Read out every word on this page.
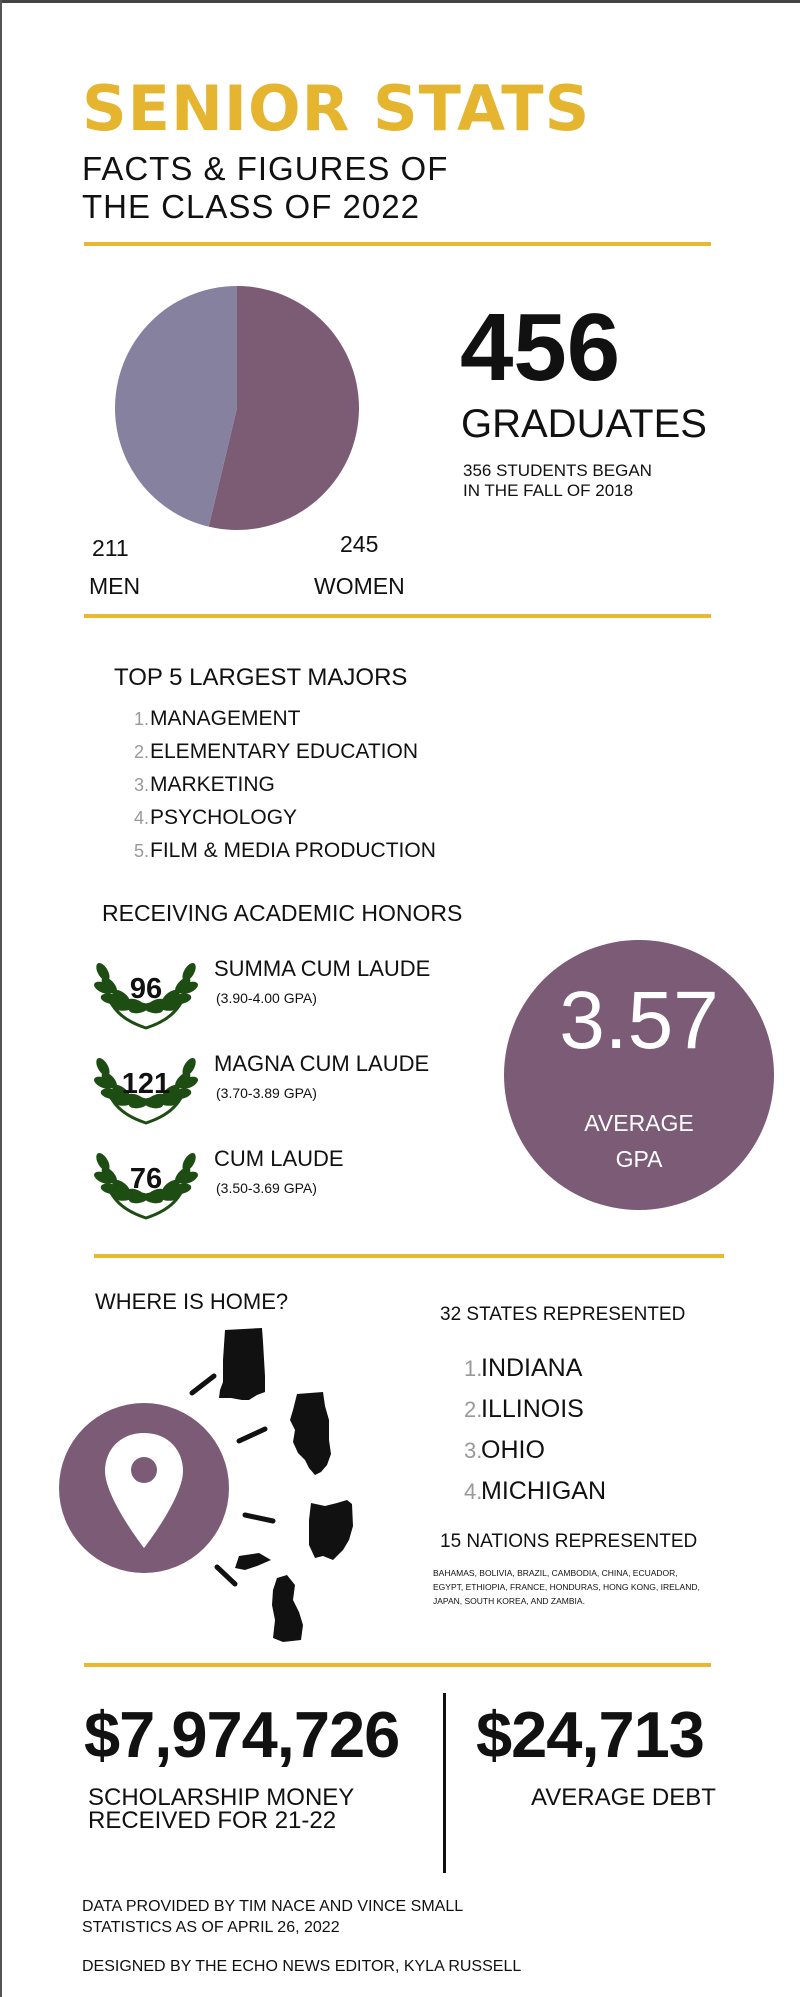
SENIOR STATS
FACTS & FIGURES OF
THE CLASS OF 2022
211
MEN
245
WOMEN
456
GRADUATES
356 STUDENTS BEGAN
IN THE FALL OF 2018
TOP 5 LARGEST MAJORS
1.MANAGEMENT
2.ELEMENTARY EDUCATION
3.MARKETING
4.PSYCHOLOGY
5.FILM & MEDIA PRODUCTION
RECEIVING ACADEMIC HONORS
96
SUMMA CUM LAUDE
(3.90-4.00 GPA)
121
MAGNA CUM LAUDE
(3.70-3.89 GPA)
76
CUM LAUDE
(3.50-3.69 GPA)
3.57
AVERAGE
GPA
WHERE IS HOME?
32 STATES REPRESENTED
1.INDIANA
2.ILLINOIS
3.OHIO
4.MICHIGAN
15 NATIONS REPRESENTED
BAHAMAS, BOLIVIA, BRAZIL, CAMBODIA, CHINA, ECUADOR, EGYPT, ETHIOPIA, FRANCE, HONDURAS, HONG KONG, IRELAND, JAPAN, SOUTH KOREA, AND ZAMBIA.
$7,974,726
SCHOLARSHIP MONEY
RECEIVED FOR 21-22
$24,713
AVERAGE DEBT
DATA PROVIDED BY TIM NACE AND VINCE SMALL
STATISTICS AS OF APRIL 26, 2022
DESIGNED BY THE ECHO NEWS EDITOR, KYLA RUSSELL
